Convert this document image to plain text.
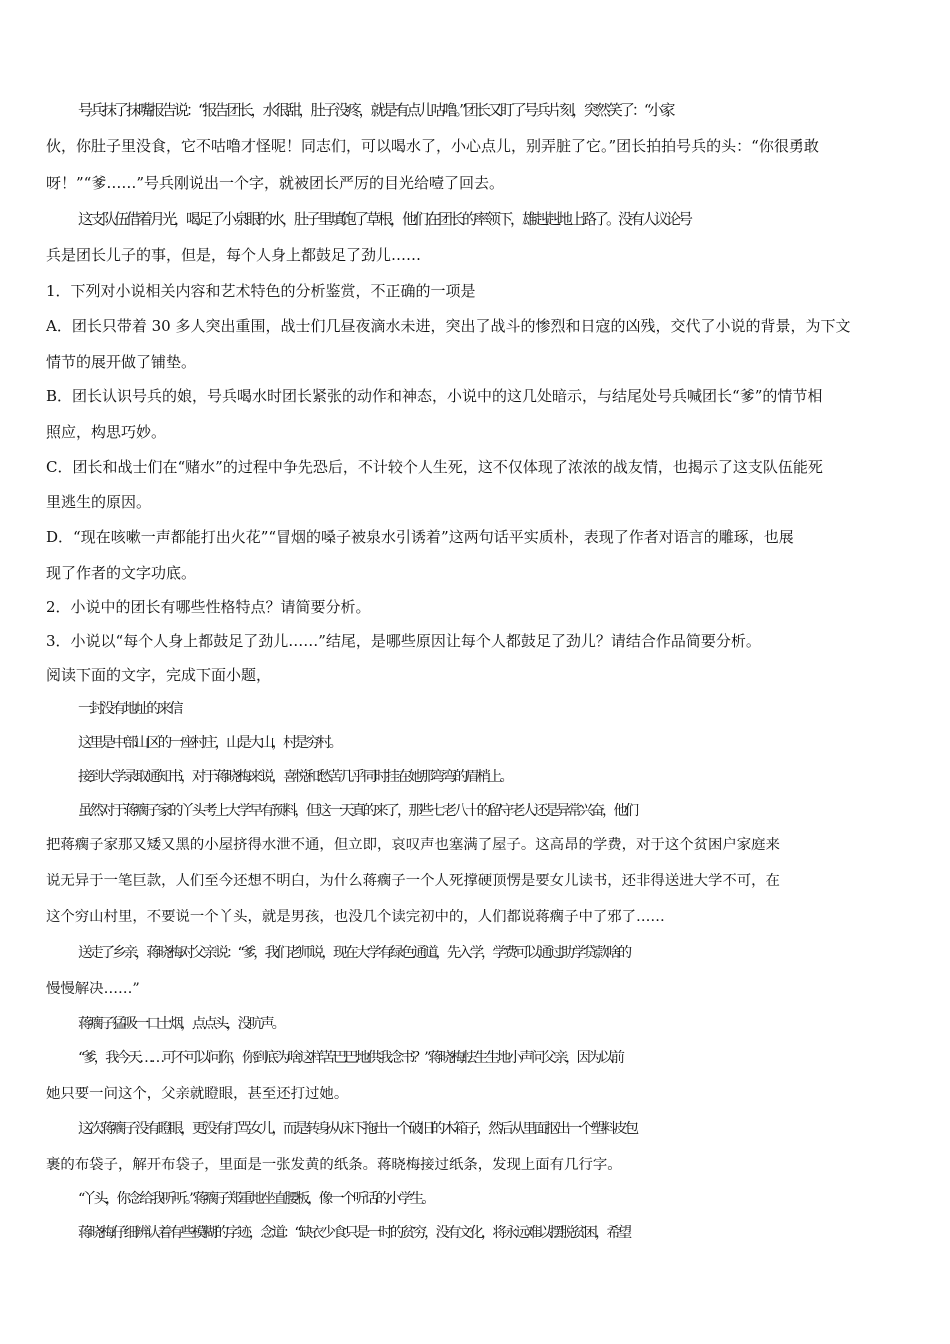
号兵抹了抹嘴报告说：“报告团长，水很甜，肚子没疼，就是有点儿咕噜。”团长又盯了号兵片刻，突然笑了：“小家
伙，你肚子里没食，它不咕噜才怪呢！同志们，可以喝水了，小心点儿，别弄脏了它。”团长拍拍号兵的头：“你很勇敢
呀！”“爹……”号兵刚说出一个字，就被团长严厉的目光给噎了回去。
这支队伍借着月光，喝足了小泉眼的水，肚子里填饱了草根，他们在团长的率领下，雄赳赳地上路了。没有人议论号
兵是团长儿子的事，但是，每个人身上都鼓足了劲儿……
1．下列对小说相关内容和艺术特色的分析鉴赏，不正确的一项是
A．团长只带着 30 多人突出重围，战士们几昼夜滴水未进，突出了战斗的惨烈和日寇的凶残，交代了小说的背景，为下文
情节的展开做了铺垫。
B．团长认识号兵的娘，号兵喝水时团长紧张的动作和神态，小说中的这几处暗示，与结尾处号兵喊团长“爹”的情节相
照应，构思巧妙。
C．团长和战士们在“赌水”的过程中争先恐后，不计较个人生死，这不仅体现了浓浓的战友情，也揭示了这支队伍能死
里逃生的原因。
D．“现在咳嗽一声都能打出火花”“冒烟的嗓子被泉水引诱着”这两句话平实质朴，表现了作者对语言的雕琢，也展
现了作者的文字功底。
2．小说中的团长有哪些性格特点？请简要分析。
3．小说以“每个人身上都鼓足了劲儿……”结尾，是哪些原因让每个人都鼓足了劲儿？请结合作品简要分析。
阅读下面的文字，完成下面小题，
一封没有地址的来信
这里是中部山区的一座村庄，山是大山，村是穷村。
接到大学录取通知书，对于蒋晓梅来说，喜悦和愁苦几乎同时挂在她那弯弯的眉梢上。
虽然对于蒋瘸子家的丫头考上大学早有预料，但这一天真的来了，那些七老八十的留守老人还是异常兴奋，他们
把蒋瘸子家那又矮又黑的小屋挤得水泄不通，但立即，哀叹声也塞满了屋子。这高昂的学费，对于这个贫困户家庭来
说无异于一笔巨款，人们至今还想不明白，为什么蒋瘸子一个人死撑硬顶愣是要女儿读书，还非得送进大学不可，在
这个穷山村里，不要说一个丫头，就是男孩，也没几个读完初中的，人们都说蒋瘸子中了邪了……
送走了乡亲，蒋晓梅对父亲说：“爹，我们老师说，现在大学有绿色通道，先入学，学费可以通过助学贷款啥的
慢慢解决……”
蒋瘸子猛吸一口土烟，点点头，没吭声。
“爹，我今天……可不可以问你，你到底为啥这样苦巴巴地供我念书？”蒋晓梅怯生生地小声问父亲，因为以前
她只要一问这个，父亲就瞪眼，甚至还打过她。
这次蒋瘸子没有瞪眼，更没有打骂女儿，而是转身从床下拖出一个破旧的木箱子，然后从里面抠出一个塑料皮包
裹的布袋子，解开布袋子，里面是一张发黄的纸条。蒋晓梅接过纸条，发现上面有几行字。
“丫头，你念给我听听。”蒋瘸子郑重地坐直腰板，像一个听话的小学生。
蒋晓梅仔细辨认着有些模糊的字迹，念道：“缺衣少食只是一时的贫穷，没有文化，将永远难以摆脱贫困，希望
